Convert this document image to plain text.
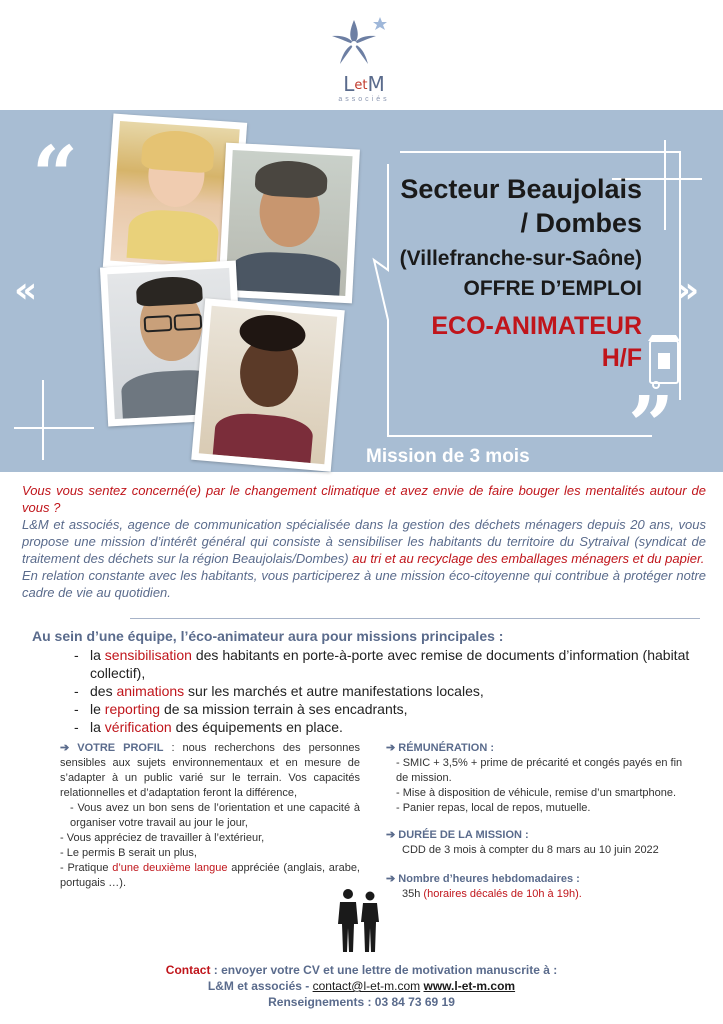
LetM
associés
“
”
«	»
Secteur Beaujolais
/ Dombes
(Villefranche-sur-Saône)
OFFRE D’EMPLOI
ECO-ANIMATEUR
H/F
Mission de 3 mois
Vous vous sentez concerné(e) par le changement climatique et avez envie de faire bouger les mentalités autour de vous ?
L&M et associés, agence de communication spécialisée dans la gestion des déchets ménagers depuis 20 ans, vous propose une mission d’intérêt général qui consiste à sensibiliser les habitants du territoire du Sytraival (syndicat de traitement des déchets sur la région Beaujolais/Dombes) au tri et au recyclage des emballages ménagers et du papier.
En relation constante avec les habitants, vous participerez à une mission éco-citoyenne qui contribue à protéger notre cadre de vie au quotidien.
Au sein d’une équipe, l’éco-animateur aura pour missions principales :
- la sensibilisation des habitants en porte-à-porte avec remise de documents d’information (habitat collectif),
- des animations sur les marchés et autre manifestations locales,
- le reporting de sa mission terrain à ses encadrants,
- la vérification des équipements en place.
➔ VOTRE PROFIL : nous recherchons des personnes sensibles aux sujets environnementaux et en mesure de s’adapter à un public varié sur le terrain. Vos capacités relationnelles et d’adaptation feront la différence,
- Vous avez un bon sens de l’orientation et une capacité à organiser votre travail au jour le jour,
- Vous appréciez de travailler à l’extérieur,
- Le permis B serait un plus,
- Pratique d’une deuxième langue appréciée (anglais, arabe, portugais …).
➔ RÉMUNÉRATION :
- SMIC + 3,5% + prime de précarité et congés payés en fin de mission.
- Mise à disposition de véhicule, remise d’un smartphone.
- Panier repas, local de repos, mutuelle.
➔ DURÉE DE LA MISSION :
CDD de 3 mois à compter du 8 mars au 10 juin 2022
➔ Nombre d’heures hebdomadaires :
35h (horaires décalés de 10h à 19h).
Contact : envoyer votre CV et une lettre de motivation manuscrite à :
L&M et associés - contact@l-et-m.com www.l-et-m.com
Renseignements : 03 84 73 69 19
